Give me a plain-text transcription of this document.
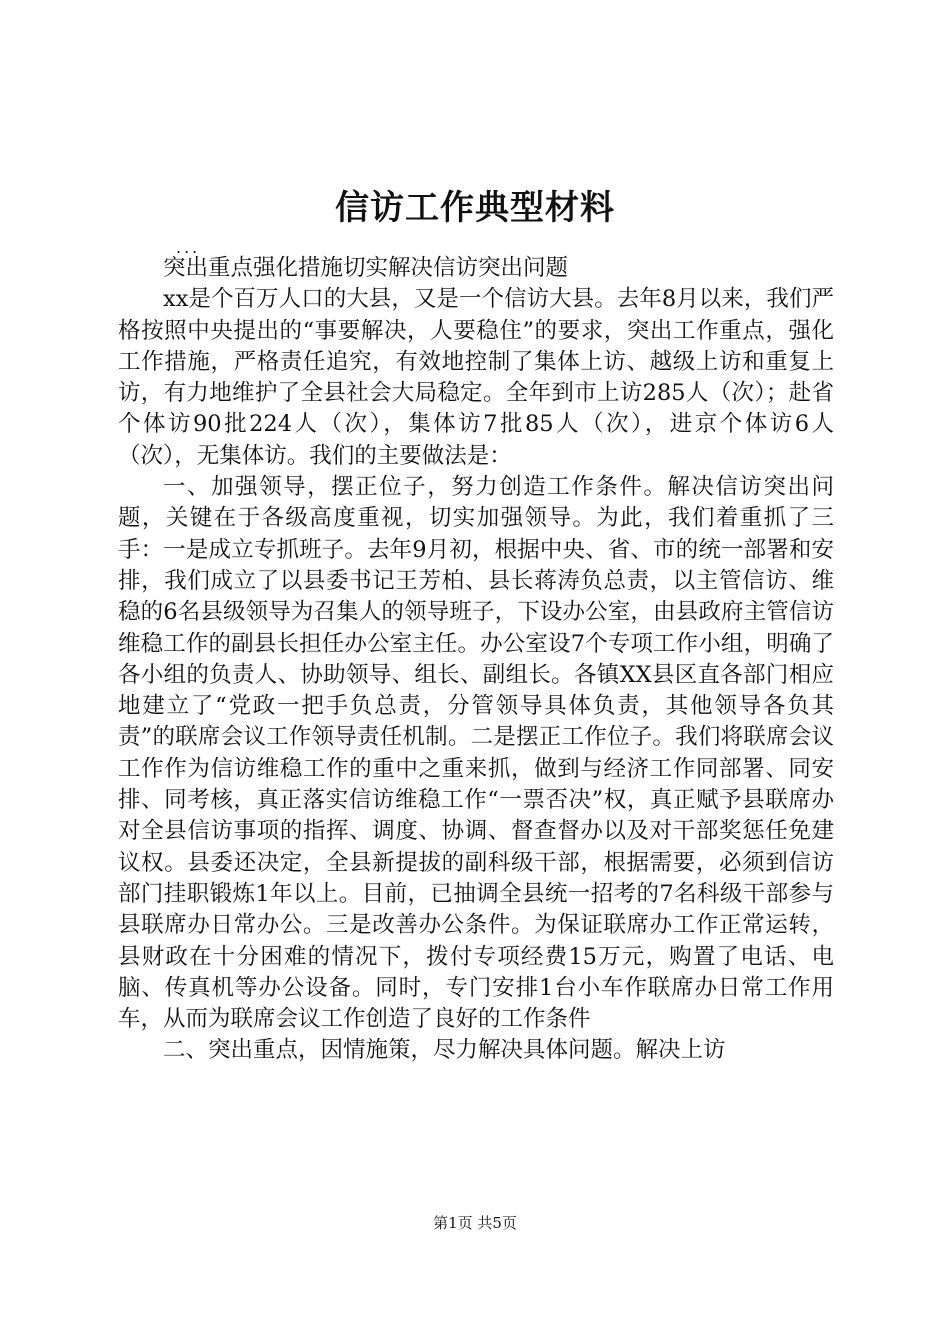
信访工作典型材料
...

突出重点强化措施切实解决信访突出问题

xx是个百万人口的大县，又是一个信访大县。去年8月以来，我们严格按照中央提出的“事要解决，人要稳住”的要求，突出工作重点，强化工作措施，严格责任追究，有效地控制了集体上访、越级上访和重复上访，有力地维护了全县社会大局稳定。全年到市上访285人（次）；赴省个体访90批224人（次），集体访7批85人（次），进京个体访6人（次），无集体访。我们的主要做法是：

一、加强领导，摆正位子，努力创造工作条件。解决信访突出问题，关键在于各级高度重视，切实加强领导。为此，我们着重抓了三手：一是成立专抓班子。去年9月初，根据中央、省、市的统一部署和安排，我们成立了以县委书记王芳柏、县长蒋涛负总责，以主管信访、维稳的6名县级领导为召集人的领导班子，下设办公室，由县政府主管信访维稳工作的副县长担任办公室主任。办公室设7个专项工作小组，明确了各小组的负责人、协助领导、组长、副组长。各镇XX县区直各部门相应地建立了“党政一把手负总责，分管领导具体负责，其他领导各负其责”的联席会议工作领导责任机制。二是摆正工作位子。我们将联席会议工作作为信访维稳工作的重中之重来抓，做到与经济工作同部署、同安排、同考核，真正落实信访维稳工作“一票否决”权，真正赋予县联席办对全县信访事项的指挥、调度、协调、督查督办以及对干部奖惩任免建议权。县委还决定，全县新提拔的副科级干部，根据需要，必须到信访部门挂职锻炼1年以上。目前，已抽调全县统一招考的7名科级干部参与县联席办日常办公。三是改善办公条件。为保证联席办工作正常运转，县财政在十分困难的情况下，拨付专项经费15万元，购置了电话、电脑、传真机等办公设备。同时，专门安排1台小车作联席办日常工作用车，从而为联席会议工作创造了良好的工作条件

二、突出重点，因情施策，尽力解决具体问题。解决上访

第1页 共5页
